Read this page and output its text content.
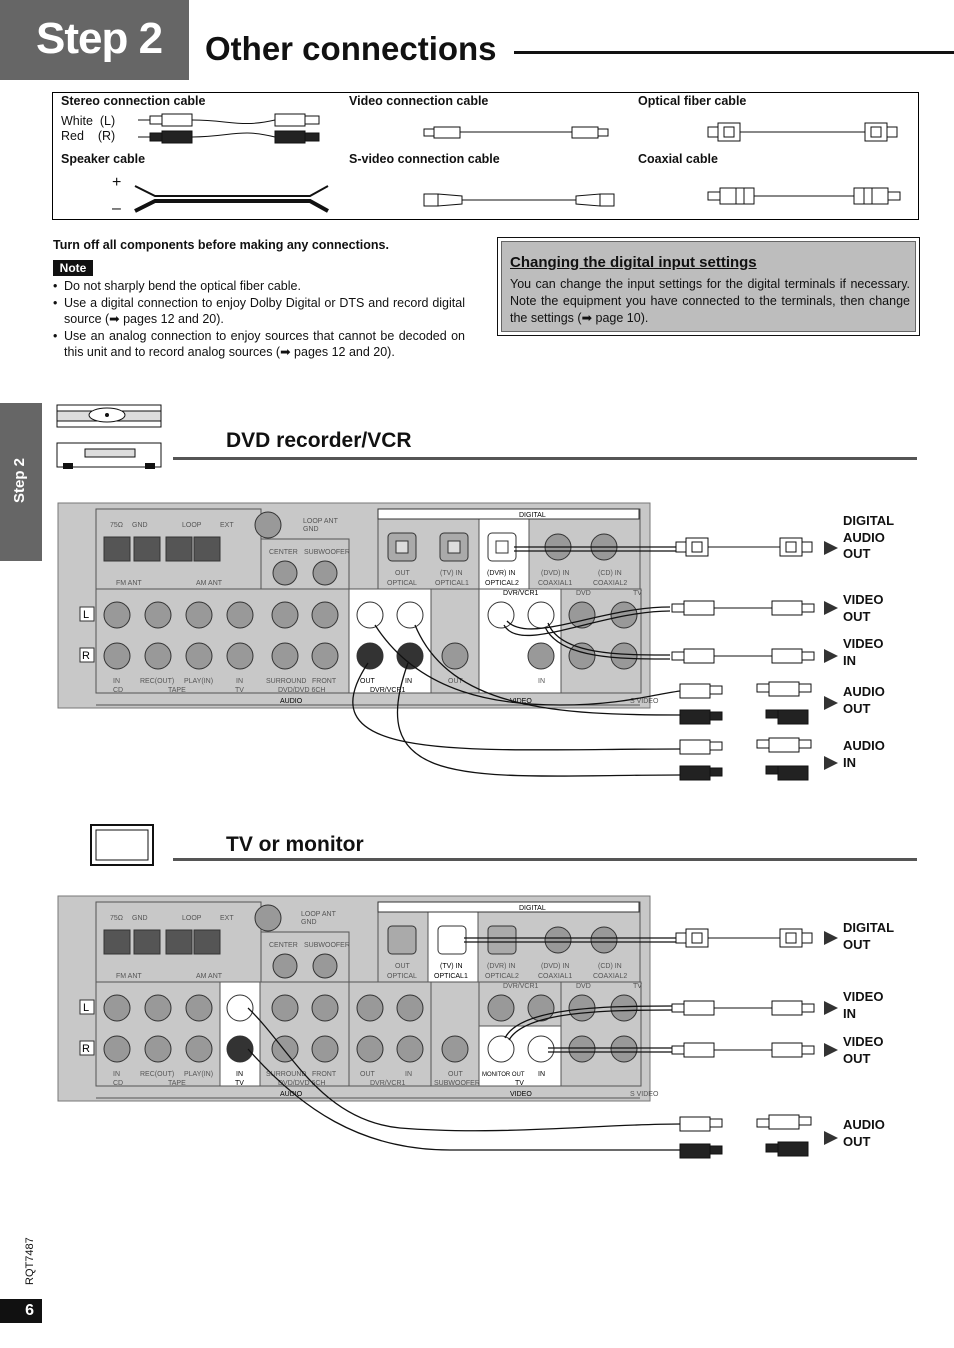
Step 2 Other connections
Stereo connection cable
White  (L)
Red    (R)
Video connection cable	Optical fiber cable
Speaker cable
+
–
S-video connection cable	Coaxial cable
Turn off all components before making any connections.
Note
• Do not sharply bend the optical fiber cable.
• Use a digital connection to enjoy Dolby Digital or DTS and record digital source (➡ pages 12 and 20).
• Use an analog connection to enjoy sources that cannot be decoded on this unit and to record analog sources (➡ pages 12 and 20).
Changing the digital input settings
You can change the input settings for the digital terminals if necessary. Note the equipment you have connected to the terminals, then change the settings (➡ page 10).
Step 2
DVD recorder/VCR
TV or monitor
DIGITAL
75Ω GND	LOOP	EXT
LOOP ANT
GND
FM ANT	AM ANT
CENTER SUBWOOFER
OUT	(TV) IN	(DVR) IN	(DVD) IN	(CD) IN
OPTICAL	OPTICAL1 OPTICAL2	COAXIAL1	COAXIAL2
DVR/VCR1	DVD	TV
L
R
IN	REC(OUT) PLAY(IN)	IN	SURROUND FRONT	OUT	IN	OUT	IN
CD	TAPE	TV	DVD/DVD 6CH	DVR/VCR1
AUDIO	VIDEO	S VIDEO
DIGITAL
AUDIO
OUT
VIDEO
OUT
VIDEO
IN
AUDIO
OUT
AUDIO
IN
DIGITAL
75Ω GND	LOOP	EXT
LOOP ANT
GND
FM ANT	AM ANT
CENTER SUBWOOFER
OUT	(TV) IN	(DVR) IN	(DVD) IN	(CD) IN
OPTICAL OPTICAL1 OPTICAL2	COAXIAL1	COAXIAL2
DVR/VCR1	DVD	TV
L
R
IN	REC(OUT) PLAY(IN)	IN	SURROUND FRONT	OUT	IN	OUT	MONITOR OUT IN
CD	TAPE	TV	DVD/DVD 6CH	DVR/VCR1	SUBWOOFER	TV
AUDIO	VIDEO	S VIDEO
DIGITAL
OUT
VIDEO
IN
VIDEO
OUT
AUDIO
OUT
RQT7487
6
